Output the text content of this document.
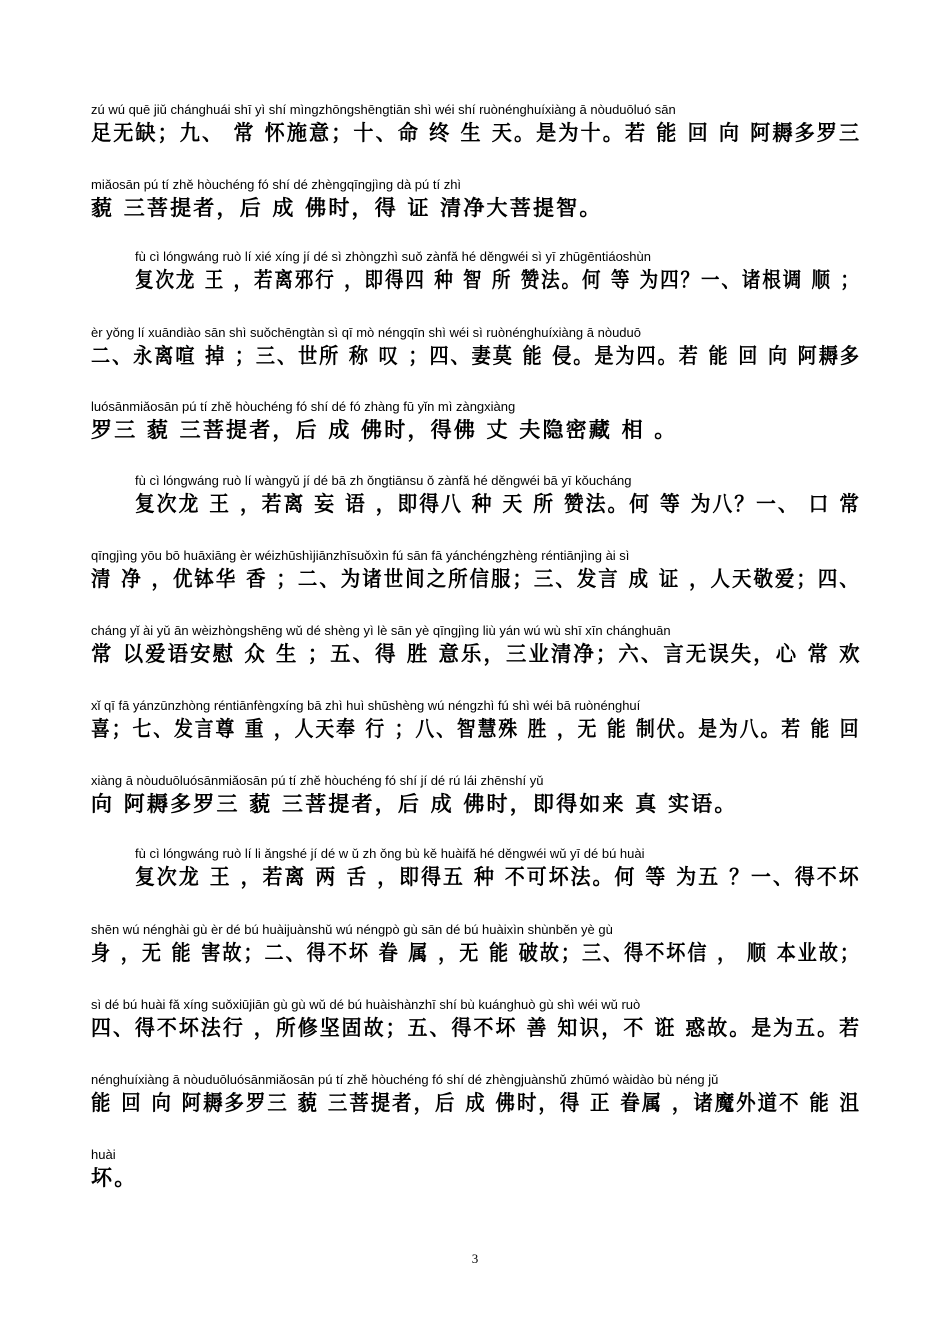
zú wú quē jiǔ chánghuái shī yì shí mìngzhōngshēngtiān shì wéi shí ruònénghuíxiàng ā nòuduōluó sān
足无缺；九、 常 怀施意；十、命 终 生 天。是为十。若 能 回 向 阿耨多罗三
miǎosān pú tí zhě hòuchéng fó shí dé zhèngqīngjìng dà pú tí zhì
藐 三菩提者，后 成 佛时，得 证 清净大菩提智。
fù cì lóngwáng ruò lí xié xíng jí dé sì zhòngzhì suǒ zànfǎ hé děngwéi sì yī zhūgēntiáoshùn
复次龙 王 ，若离邪行 ，即得四 种 智 所 赞法。何 等 为四？一、诸根调 顺 ；
èr yǒng lí xuāndiào sān shì suǒchēngtàn sì qī mò néngqīn shì wéi sì ruònénghuíxiàng ā nòuduō
二、永离喧 掉 ；三、世所 称 叹 ；四、妻莫 能 侵。是为四。若 能 回 向 阿耨多
luósānmiǎosān pú tí zhě hòuchéng fó shí dé fó zhàng fū yǐn mì zàngxiàng
罗三 藐 三菩提者，后 成 佛时，得佛 丈 夫隐密藏 相 。
fù cì lóngwáng ruò lí wàngyǔ jí dé bā zh ǒngtiānsu ǒ zànfǎ hé děngwéi bā yī kǒucháng
复次龙 王 ，若离 妄 语 ，即得八 种 天 所 赞法。何 等 为八？一、 口 常
qīngjìng yōu bō huāxiāng èr wéizhūshìjiānzhīsuǒxìn fú sān fā yánchéngzhèng réntiānjìng ài sì
清 净 ，优钵华 香 ；二、为诸世间之所信服；三、发言 成 证 ，人天敬爱；四、
cháng yǐ ài yǔ ān wèizhòngshēng wǔ dé shèng yì lè sān yè qīngjìng liù yán wú wù shī xīn chánghuān
常 以爱语安慰 众 生 ；五、得 胜 意乐，三业清净；六、言无误失，心 常 欢
xǐ qī fā yánzūnzhòng réntiānfèngxíng bā zhì huì shūshèng wú néngzhì fú shì wéi bā ruònénghuí
喜；七、发言尊 重 ，人天奉 行 ；八、智慧殊 胜 ，无 能 制伏。是为八。若 能 回
xiàng ā nòuduōluósānmiǎosān pú tí zhě hòuchéng fó shí jí dé rú lái zhēnshí yǔ
向 阿耨多罗三 藐 三菩提者，后 成 佛时，即得如来 真 实语。
fù cì lóngwáng ruò lí li ǎngshé jí dé w ǔ zh ǒng bù kě huàifǎ hé děngwéi wǔ yī dé bú huài
复次龙 王 ，若离 两 舌 ，即得五 种 不可坏法。何 等 为五 ？一、得不坏
shēn wú nénghài gù èr dé bú huàijuànshǔ wú néngpò gù sān dé bú huàixìn shùnběn yè gù
身 ，无 能 害故；二、得不坏 眷 属 ，无 能 破故；三、得不坏信 ， 顺 本业故；
sì dé bú huài fǎ xíng suǒxiūjiān gù gù wǔ dé bú huàishànzhī shí bù kuánghuò gù shì wéi wǔ ruò
四、得不坏法行 ，所修坚固故；五、得不坏 善 知识，不 诳 惑故。是为五。若
nénghuíxiàng ā nòuduōluósānmiǎosān pú tí zhě hòuchéng fó shí dé zhèngjuànshǔ zhūmó wàidào bù néng jǔ
能 回 向 阿耨多罗三 藐 三菩提者，后 成 佛时，得 正 眷属 ，诸魔外道不 能 沮
huài
坏。
3
